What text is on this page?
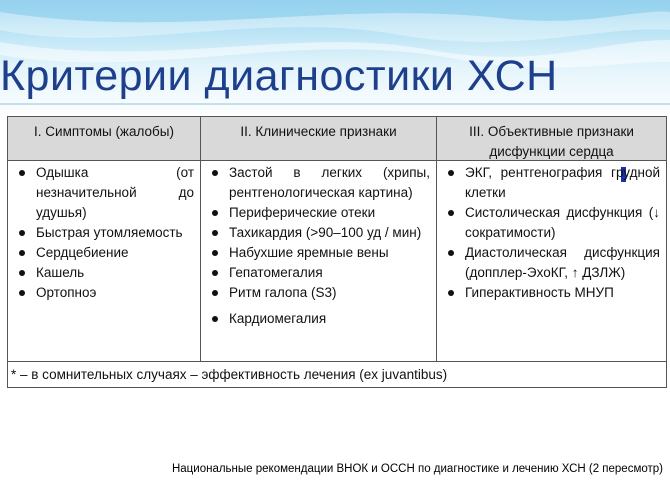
Критерии диагностики ХСН
I. Симптомы (жалобы)	II. Клинические признаки	III. Объективные признаки дисфункции сердца
Одышка (от незначительной до удушья)
Быстрая утомляемость
Сердцебиение
Кашель
Ортопноэ
Застой в легких (хрипы, рентгенологическая картина)
Периферические отеки
Тахикардия (>90–100 уд / мин)
Набухшие яремные вены
Гепатомегалия
Ритм галопа (S3)
Кардиомегалия
ЭКГ, рентгенография грудной клетки
Систолическая дисфункция (↓ сократимости)
Диастолическая дисфункция (допплер-ЭхоКГ, ↑ ДЗЛЖ)
Гиперактивность МНУП
* – в сомнительных случаях – эффективность лечения (ex juvantibus)
Национальные рекомендации ВНОК и ОССН по диагностике и лечению ХСН (2 пересмотр)
